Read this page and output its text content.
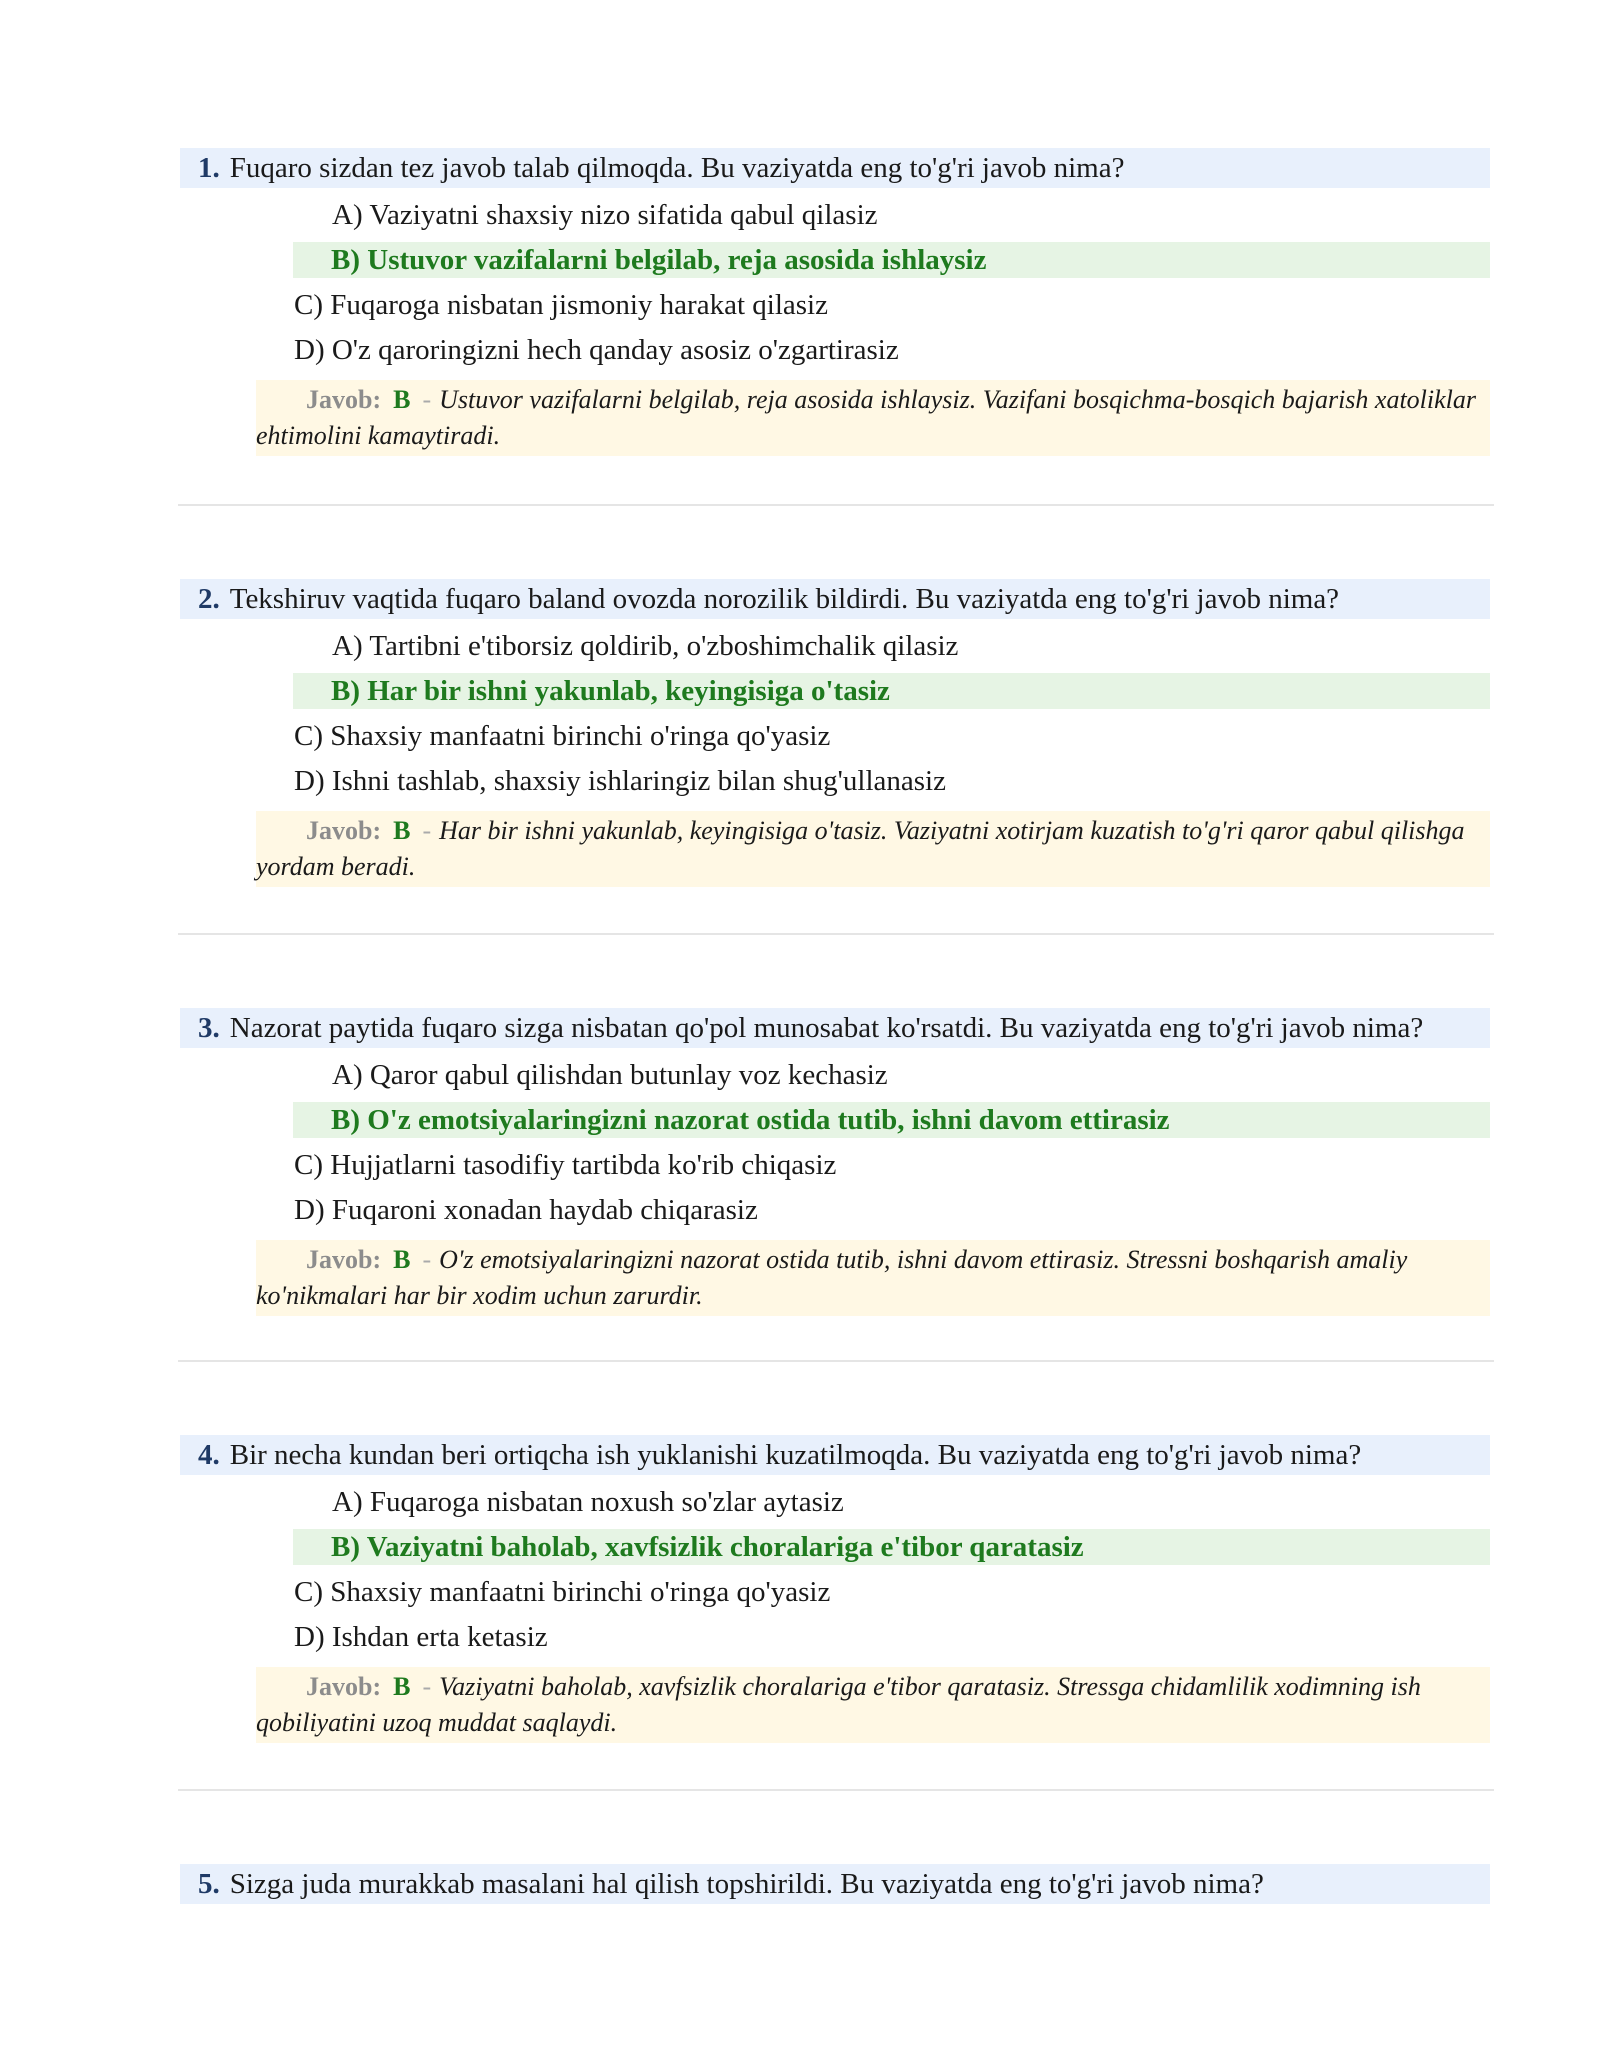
1. Fuqaro sizdan tez javob talab qilmoqda. Bu vaziyatda eng to'g'ri javob nima?
A) Vaziyatni shaxsiy nizo sifatida qabul qilasiz
B) Ustuvor vazifalarni belgilab, reja asosida ishlaysiz
C) Fuqaroga nisbatan jismoniy harakat qilasiz
D) O'z qaroringizni hech qanday asosiz o'zgartirasiz
Javob: B - Ustuvor vazifalarni belgilab, reja asosida ishlaysiz. Vazifani bosqichma-bosqich bajarish xatoliklar ehtimolini kamaytiradi.
2. Tekshiruv vaqtida fuqaro baland ovozda norozilik bildirdi. Bu vaziyatda eng to'g'ri javob nima?
A) Tartibni e'tiborsiz qoldirib, o'zboshimchalik qilasiz
B) Har bir ishni yakunlab, keyingisiga o'tasiz
C) Shaxsiy manfaatni birinchi o'ringa qo'yasiz
D) Ishni tashlab, shaxsiy ishlaringiz bilan shug'ullanasiz
Javob: B - Har bir ishni yakunlab, keyingisiga o'tasiz. Vaziyatni xotirjam kuzatish to'g'ri qaror qabul qilishga yordam beradi.
3. Nazorat paytida fuqaro sizga nisbatan qo'pol munosabat ko'rsatdi. Bu vaziyatda eng to'g'ri javob nima?
A) Qaror qabul qilishdan butunlay voz kechasiz
B) O'z emotsiyalaringizni nazorat ostida tutib, ishni davom ettirasiz
C) Hujjatlarni tasodifiy tartibda ko'rib chiqasiz
D) Fuqaroni xonadan haydab chiqarasiz
Javob: B - O'z emotsiyalaringizni nazorat ostida tutib, ishni davom ettirasiz. Stressni boshqarish amaliy ko'nikmalari har bir xodim uchun zarurdir.
4. Bir necha kundan beri ortiqcha ish yuklanishi kuzatilmoqda. Bu vaziyatda eng to'g'ri javob nima?
A) Fuqaroga nisbatan noxush so'zlar aytasiz
B) Vaziyatni baholab, xavfsizlik choralariga e'tibor qaratasiz
C) Shaxsiy manfaatni birinchi o'ringa qo'yasiz
D) Ishdan erta ketasiz
Javob: B - Vaziyatni baholab, xavfsizlik choralariga e'tibor qaratasiz. Stressga chidamlilik xodimning ish qobiliyatini uzoq muddat saqlaydi.
5. Sizga juda murakkab masalani hal qilish topshirildi. Bu vaziyatda eng to'g'ri javob nima?
